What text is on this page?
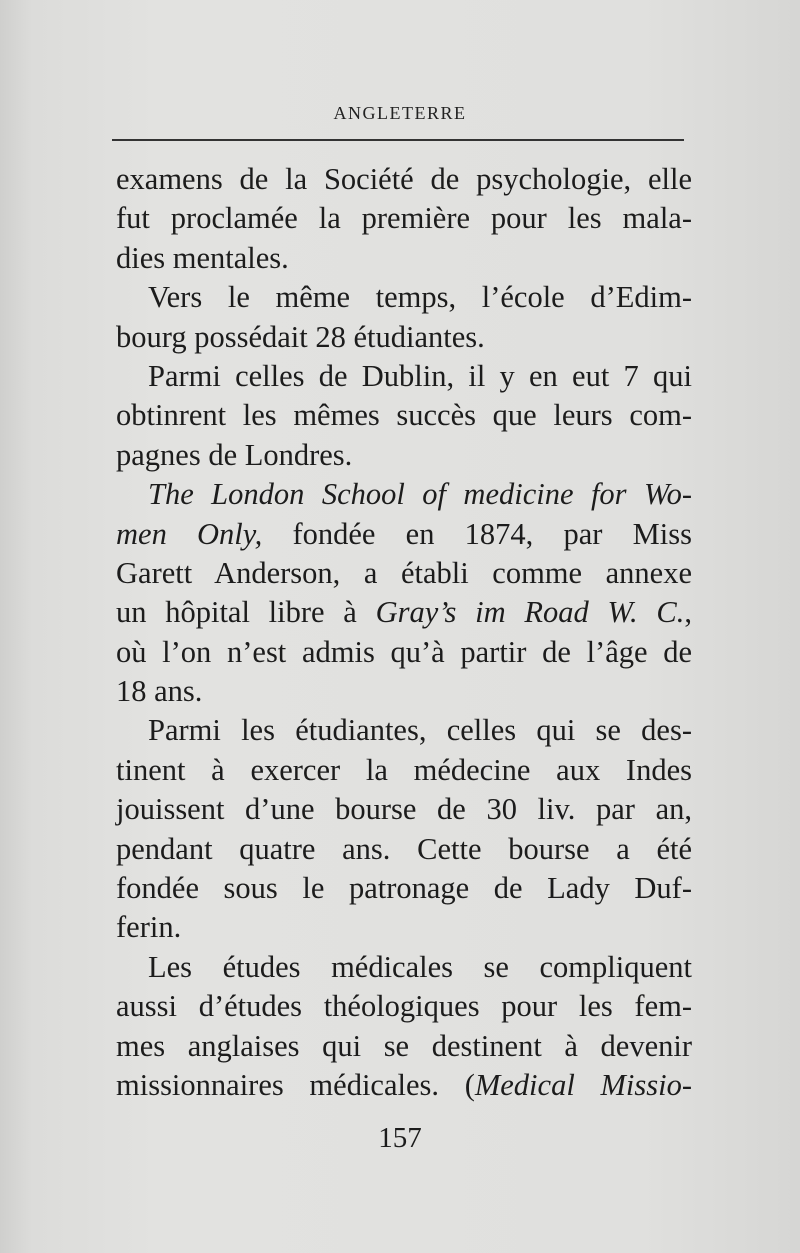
ANGLETERRE
examens de la Société de psychologie, elle
fut proclamée la première pour les mala-
dies mentales.
Vers le même temps, l’école d’Edim-
bourg possédait 28 étudiantes.
Parmi celles de Dublin, il y en eut 7 qui
obtinrent les mêmes succès que leurs com-
pagnes de Londres.
The London School of medicine for Wo-
men Only, fondée en 1874, par Miss
Garett Anderson, a établi comme annexe
un hôpital libre à Gray’s im Road W. C.,
où l’on n’est admis qu’à partir de l’âge de
18 ans.
Parmi les étudiantes, celles qui se des-
tinent à exercer la médecine aux Indes
jouissent d’une bourse de 30 liv. par an,
pendant quatre ans. Cette bourse a été
fondée sous le patronage de Lady Duf-
ferin.
Les études médicales se compliquent
aussi d’études théologiques pour les fem-
mes anglaises qui se destinent à devenir
missionnaires médicales. (Medical Missio-
157
